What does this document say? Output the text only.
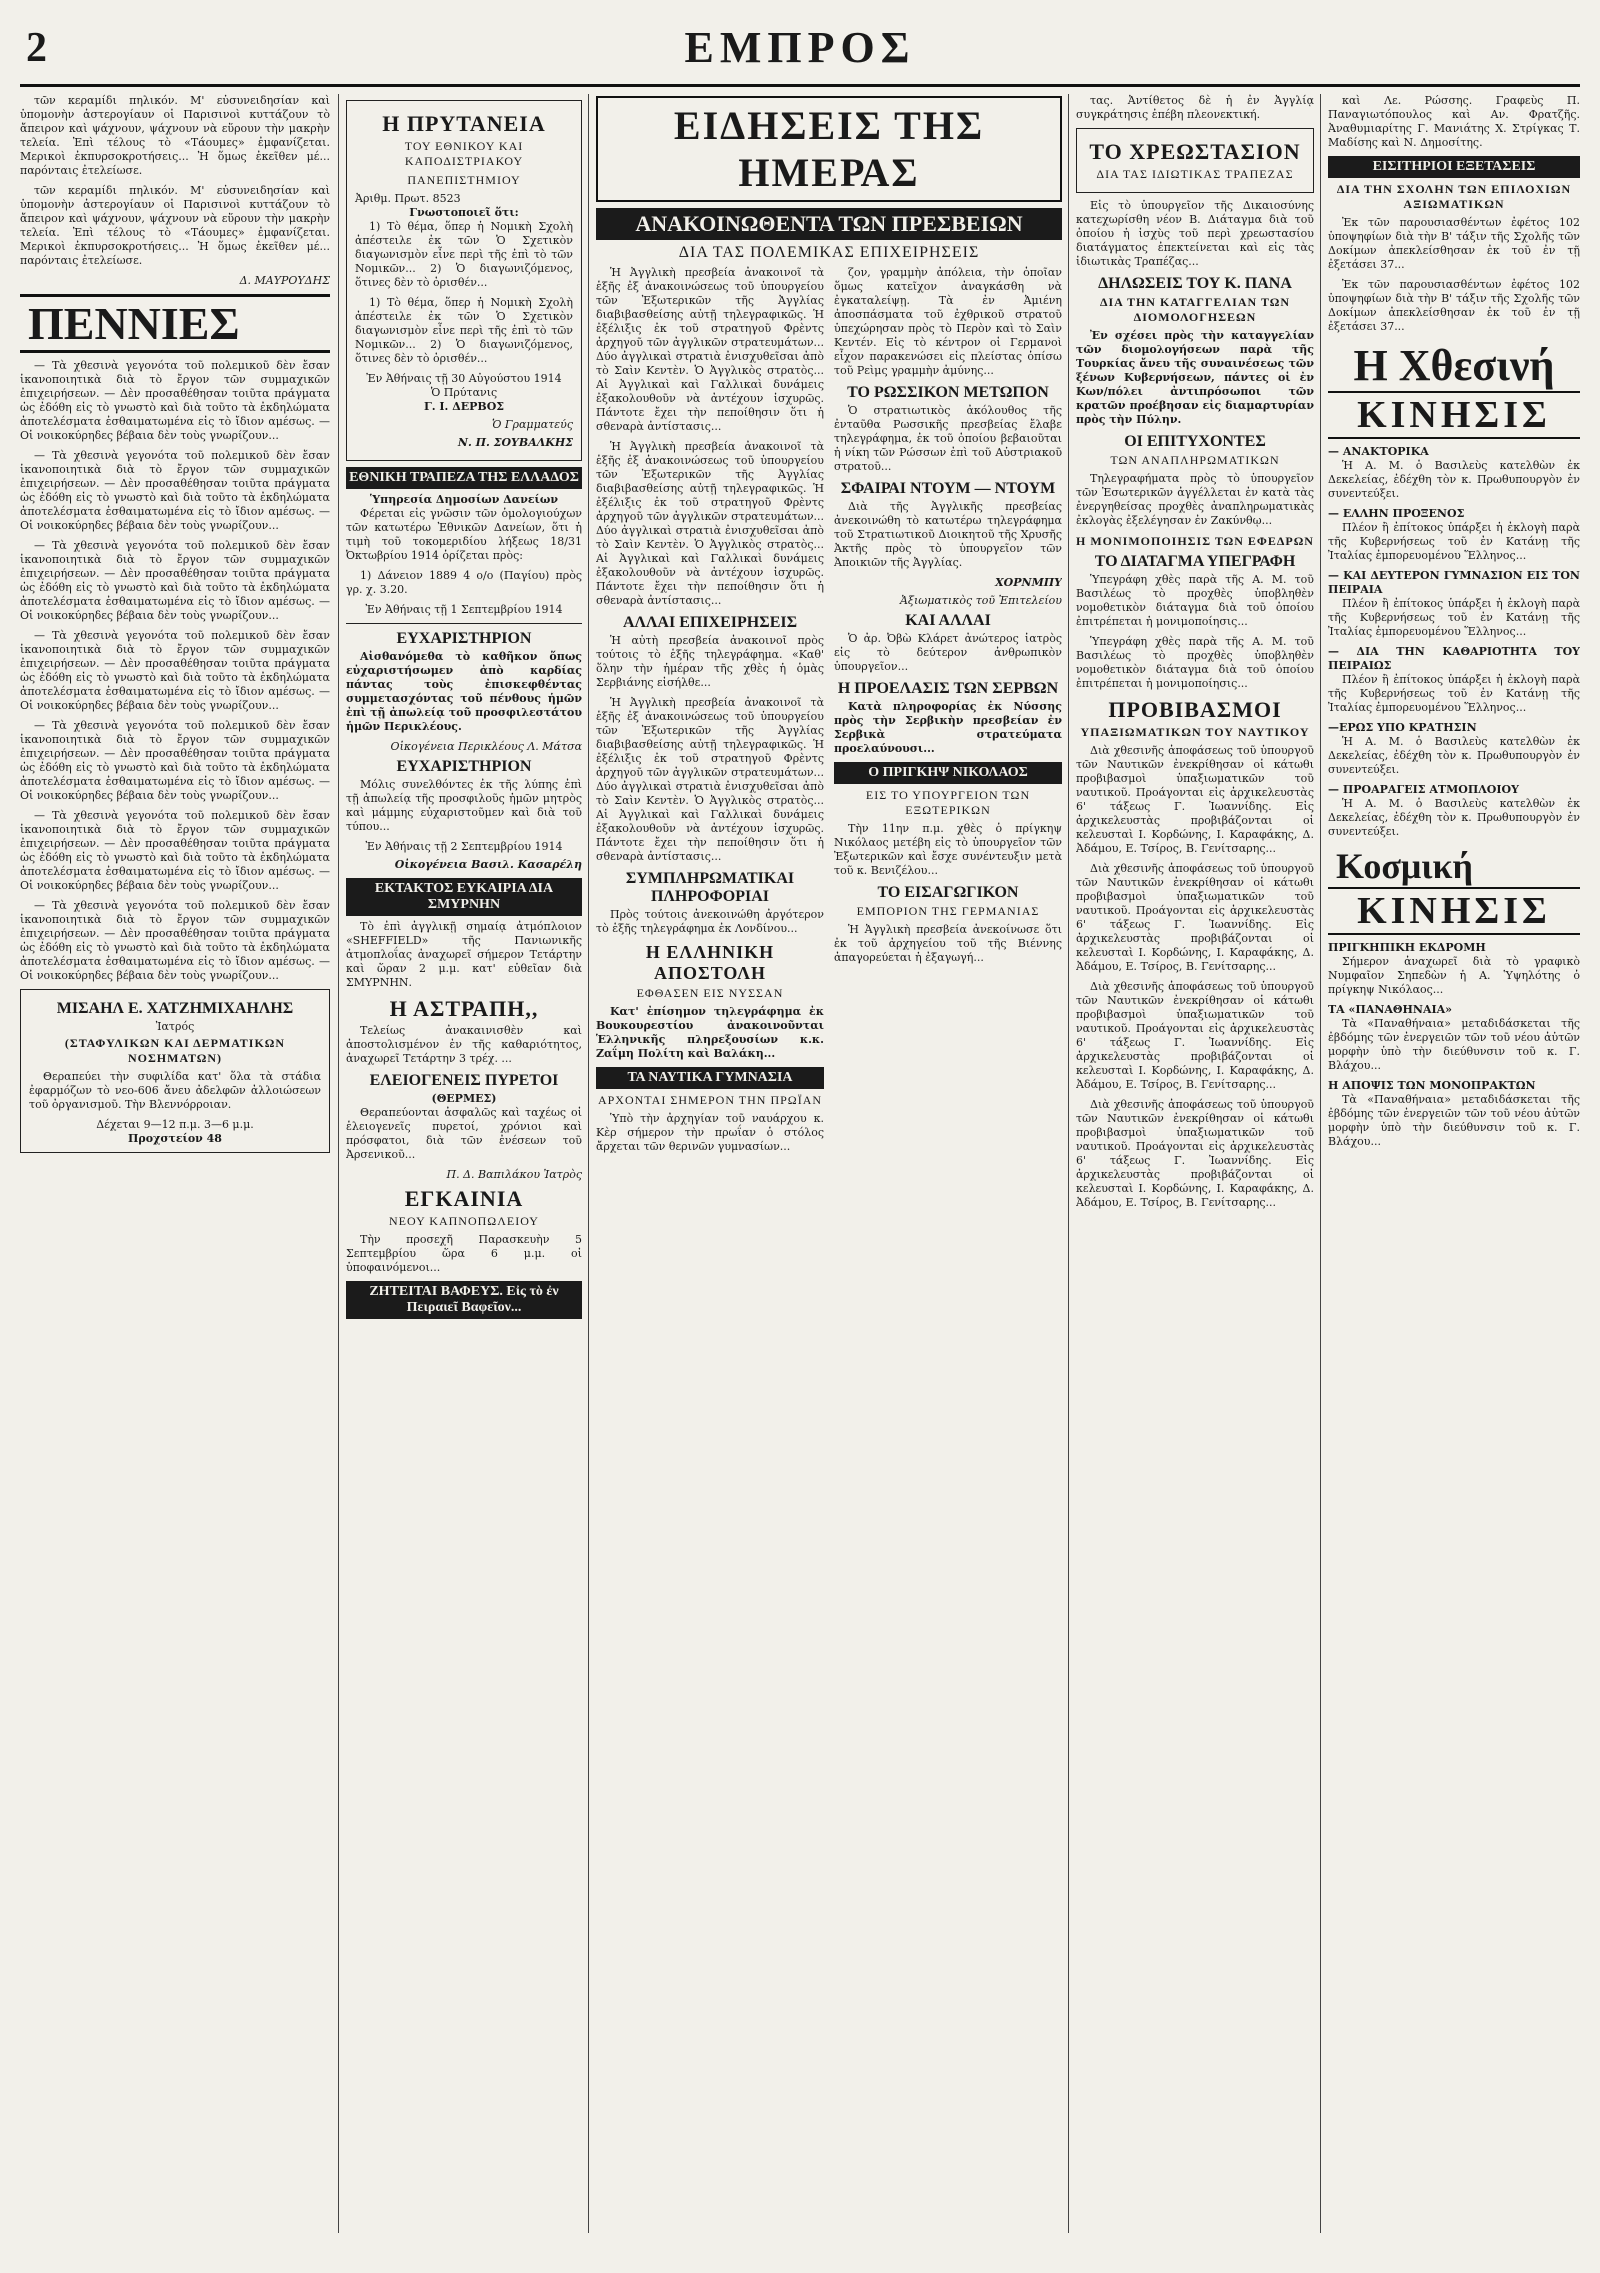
2	ΕΜΠΡΟΣ

τῶν κεραμίδι πηλικόν. Μ' εὐσυνειδησίαν καὶ ὑπομονὴν ἀστερογίαυν οἱ Παρισινοὶ κυττάζουν τὸ ἄπειρον καὶ ψάχνουν, ψάχνουν νὰ εὕρουν τὴν μακρὴν τελεία. Ἐπὶ τέλους τὸ «Τάουμες» ἐμφανίζεται. Μερικοὶ ἐκπυρσοκροτήσεις... Ἡ ὅμως ἐκεῖθεν μέ... παρόνταις ἐτελείωσε.

τῶν κεραμίδι πηλικόν. Μ' εὐσυνειδησίαν καὶ ὑπομονὴν ἀστερογίαυν οἱ Παρισινοὶ κυττάζουν τὸ ἄπειρον καὶ ψάχνουν, ψάχνουν νὰ εὕρουν τὴν μακρὴν τελεία. Ἐπὶ τέλους τὸ «Τάουμες» ἐμφανίζεται. Μερικοὶ ἐκπυρσοκροτήσεις... Ἡ ὅμως ἐκεῖθεν μέ... παρόνταις ἐτελείωσε.

Δ. ΜΑΥΡΟΥΔΗΣ
ΠΕΝΝΙΕΣ

— Τὰ χθεσινὰ γεγονότα τοῦ πολεμικοῦ δὲν ἔσαν ἱκανοποιητικὰ διὰ τὸ ἔργον τῶν συμμαχικῶν ἐπιχειρήσεων. — Δὲν προσαθέθησαν τοιῦτα πράγματα ὡς ἐδόθη εἰς τὸ γνωστὸ καὶ διὰ τοῦτο τὰ ἐκδηλώματα ἀποτελέσματα ἐσθαιματωμένα εἰς τὸ ἴδιον αμέσως. — Οἱ νοικοκύρηδες βέβαια δὲν τοὺς γνωρίζουν...

— Τὰ χθεσινὰ γεγονότα τοῦ πολεμικοῦ δὲν ἔσαν ἱκανοποιητικὰ διὰ τὸ ἔργον τῶν συμμαχικῶν ἐπιχειρήσεων. — Δὲν προσαθέθησαν τοιῦτα πράγματα ὡς ἐδόθη εἰς τὸ γνωστὸ καὶ διὰ τοῦτο τὰ ἐκδηλώματα ἀποτελέσματα ἐσθαιματωμένα εἰς τὸ ἴδιον αμέσως. — Οἱ νοικοκύρηδες βέβαια δὲν τοὺς γνωρίζουν...

— Τὰ χθεσινὰ γεγονότα τοῦ πολεμικοῦ δὲν ἔσαν ἱκανοποιητικὰ διὰ τὸ ἔργον τῶν συμμαχικῶν ἐπιχειρήσεων. — Δὲν προσαθέθησαν τοιῦτα πράγματα ὡς ἐδόθη εἰς τὸ γνωστὸ καὶ διὰ τοῦτο τὰ ἐκδηλώματα ἀποτελέσματα ἐσθαιματωμένα εἰς τὸ ἴδιον αμέσως. — Οἱ νοικοκύρηδες βέβαια δὲν τοὺς γνωρίζουν...

— Τὰ χθεσινὰ γεγονότα τοῦ πολεμικοῦ δὲν ἔσαν ἱκανοποιητικὰ διὰ τὸ ἔργον τῶν συμμαχικῶν ἐπιχειρήσεων. — Δὲν προσαθέθησαν τοιῦτα πράγματα ὡς ἐδόθη εἰς τὸ γνωστὸ καὶ διὰ τοῦτο τὰ ἐκδηλώματα ἀποτελέσματα ἐσθαιματωμένα εἰς τὸ ἴδιον αμέσως. — Οἱ νοικοκύρηδες βέβαια δὲν τοὺς γνωρίζουν...

— Τὰ χθεσινὰ γεγονότα τοῦ πολεμικοῦ δὲν ἔσαν ἱκανοποιητικὰ διὰ τὸ ἔργον τῶν συμμαχικῶν ἐπιχειρήσεων. — Δὲν προσαθέθησαν τοιῦτα πράγματα ὡς ἐδόθη εἰς τὸ γνωστὸ καὶ διὰ τοῦτο τὰ ἐκδηλώματα ἀποτελέσματα ἐσθαιματωμένα εἰς τὸ ἴδιον αμέσως. — Οἱ νοικοκύρηδες βέβαια δὲν τοὺς γνωρίζουν...

— Τὰ χθεσινὰ γεγονότα τοῦ πολεμικοῦ δὲν ἔσαν ἱκανοποιητικὰ διὰ τὸ ἔργον τῶν συμμαχικῶν ἐπιχειρήσεων. — Δὲν προσαθέθησαν τοιῦτα πράγματα ὡς ἐδόθη εἰς τὸ γνωστὸ καὶ διὰ τοῦτο τὰ ἐκδηλώματα ἀποτελέσματα ἐσθαιματωμένα εἰς τὸ ἴδιον αμέσως. — Οἱ νοικοκύρηδες βέβαια δὲν τοὺς γνωρίζουν...

— Τὰ χθεσινὰ γεγονότα τοῦ πολεμικοῦ δὲν ἔσαν ἱκανοποιητικὰ διὰ τὸ ἔργον τῶν συμμαχικῶν ἐπιχειρήσεων. — Δὲν προσαθέθησαν τοιῦτα πράγματα ὡς ἐδόθη εἰς τὸ γνωστὸ καὶ διὰ τοῦτο τὰ ἐκδηλώματα ἀποτελέσματα ἐσθαιματωμένα εἰς τὸ ἴδιον αμέσως. — Οἱ νοικοκύρηδες βέβαια δὲν τοὺς γνωρίζουν...

ΜΙΣΑΗΛ Ε. ΧΑΤΖΗΜΙΧΑΗΛΗΣ
Ἰατρός
(ΣΤΑΦΥΛΙΚΩΝ ΚΑΙ ΔΕΡΜΑΤΙΚΩΝ ΝΟΣΗΜΑΤΩΝ)

Θεραπεύει τὴν συφιλίδα κατ' ὅλα τὰ στάδια ἐφαρμόζων τὸ νεο-606 ἄνευ ἀδελφῶν ἀλλοιώσεων τοῦ ὀργανισμοῦ. Τὴν Βλεννόρροιαν.

Δέχεται 9—12 π.μ. 3—6 μ.μ.
Προχστείον 48
Η ΠΡΥΤΑΝΕΙΑ
ΤΟΥ ΕΘΝΙΚΟΥ ΚΑΙ ΚΑΠΟΔΙΣΤΡΙΑΚΟΥ
ΠΑΝΕΠΙΣΤΗΜΙΟΥ
Ἀριθμ. Πρωτ. 8523
Γνωστοποιεῖ ὅτι:

1) Τὸ θέμα, ὅπερ ἡ Νομικὴ Σχολὴ ἀπέστειλε ἐκ τῶν Ὁ Σχετικὸν διαγωνισμὸν εἶνε περὶ τῆς ἐπὶ τὸ τῶν Νομικῶν... 2) Ὁ διαγωνιζόμενος, ὅτινες δὲν τὸ ὁρισθέν...

1) Τὸ θέμα, ὅπερ ἡ Νομικὴ Σχολὴ ἀπέστειλε ἐκ τῶν Ὁ Σχετικὸν διαγωνισμὸν εἶνε περὶ τῆς ἐπὶ τὸ τῶν Νομικῶν... 2) Ὁ διαγωνιζόμενος, ὅτινες δὲν τὸ ὁρισθέν...

Ἐν Ἀθήναις τῇ 30 Αὐγούστου 1914
Ὁ Πρύτανις
Γ. Ι. ΔΕΡΒΟΣ
Ὁ Γραμματεύς
Ν. Π. ΣΟΥΒΑΛΚΗΣ
ΕΘΝΙΚΗ ΤΡΑΠΕΖΑ ΤΗΣ ΕΛΛΑΔΟΣ
Ὑπηρεσία Δημοσίων Δανείων

Φέρεται εἰς γνῶσιν τῶν ὁμολογιούχων τῶν κατωτέρω Ἐθνικῶν Δανείων, ὅτι ἡ τιμὴ τοῦ τοκομεριδίου λήξεως 18/31 Ὀκτωβρίου 1914 ὁρίζεται πρὸς:

1) Δάνειον 1889 4 ο/ο (Παγίου) πρὸς γρ. χ. 3.20.

Ἐν Ἀθήναις τῇ 1 Σεπτεμβρίου 1914
ΕΥΧΑΡΙΣΤΗΡΙΟΝ

Αἰσθανόμεθα τὸ καθῆκον ὅπως εὐχαριστήσωμεν ἀπὸ καρδίας πάντας τοὺς ἐπισκεφθέντας συμμετασχόντας τοῦ πένθους ἡμῶν ἐπὶ τῇ ἀπωλείᾳ τοῦ προσφιλεστάτου ἡμῶν Περικλέους.

Οἰκογένεια Περικλέους Λ. Μάτσα
ΕΥΧΑΡΙΣΤΗΡΙΟΝ

Μόλις συνελθόντες ἐκ τῆς λύπης ἐπὶ τῇ ἀπωλείᾳ τῆς προσφιλοῦς ἡμῶν μητρὸς καὶ μάμμης εὐχαριστοῦμεν καὶ διὰ τοῦ τύπου...

Ἐν Ἀθήναις τῇ 2 Σεπτεμβρίου 1914
Οἰκογένεια Βασιλ. Κασαρέλη
ΕΚΤΑΚΤΟΣ ΕΥΚΑΙΡΙΑ ΔΙΑ ΣΜΥΡΝΗΝ

Τὸ ἐπὶ ἀγγλικῇ σημαίᾳ ἀτμόπλοιον «SHEFFIELD» τῆς Πανιωνικῆς ἀτμοπλοΐας ἀναχωρεῖ σήμερον Τετάρτην καὶ ὥραν 2 μ.μ. κατ' εὐθεῖαν διὰ ΣΜΥΡΝΗΝ.

Η ΑΣΤΡΑΠΗ,,

Τελείως ἀνακαινισθὲν καὶ ἀποστολισμένον ἐν τῆς καθαριότητος, ἀναχωρεῖ Τετάρτην 3 τρέχ. ...

ΕΛΕΙΟΓΕΝΕΙΣ ΠΥΡΕΤΟΙ
(ΘΕΡΜΕΣ)

Θεραπεύονται ἀσφαλῶς καὶ ταχέως οἱ ἑλειογενεῖς πυρετοί, χρόνιοι καὶ πρόσφατοι, διὰ τῶν ἐνέσεων τοῦ Ἀρσενικοῦ...

Π. Δ. Βαπιλάκου Ἰατρὸς
ΕΓΚΑΙΝΙΑ
ΝΕΟΥ ΚΑΠΝΟΠΩΛΕΙΟΥ

Τὴν προσεχῆ Παρασκευὴν 5 Σεπτεμβρίου ὥρα 6 μ.μ. οἱ ὑποφαινόμενοι...

ΖΗΤΕΙΤΑΙ ΒΑΦΕΥΣ. Εἰς τὸ ἐν Πειραιεῖ Βαφεῖον...
ΕΙΔΗΣΕΙΣ ΤΗΣ ΗΜΕΡΑΣ
ΑΝΑΚΟΙΝΩΘΕΝΤΑ ΤΩΝ ΠΡΕΣΒΕΙΩΝ
ΔΙΑ ΤΑΣ ΠΟΛΕΜΙΚΑΣ ΕΠΙΧΕΙΡΗΣΕΙΣ

Ἡ Ἀγγλικὴ πρεσβεία ἀνακοινοῖ τὰ ἑξῆς ἐξ ἀνακοινώσεως τοῦ ὑπουργείου τῶν Ἐξωτερικῶν τῆς Ἀγγλίας διαβιβασθείσης αὐτῇ τηλεγραφικῶς. Ἡ ἐξέλιξις ἐκ τοῦ στρατηγοῦ Φρὲντς ἀρχηγοῦ τῶν ἀγγλικῶν στρατευμάτων... Δύο ἀγγλικαὶ στρατιὰ ἐνισχυθεῖσαι ἀπὸ τὸ Σαὶν Κεντὲν. Ὁ Ἀγγλικὸς στρατὸς... Αἱ Ἀγγλικαὶ καὶ Γαλλικαὶ δυνάμεις ἐξακολουθοῦν νὰ ἀντέχουν ἰσχυρῶς. Πάντοτε ἔχει τὴν πεποίθησιν ὅτι ἡ σθεναρὰ ἀντίστασις...

Ἡ Ἀγγλικὴ πρεσβεία ἀνακοινοῖ τὰ ἑξῆς ἐξ ἀνακοινώσεως τοῦ ὑπουργείου τῶν Ἐξωτερικῶν τῆς Ἀγγλίας διαβιβασθείσης αὐτῇ τηλεγραφικῶς. Ἡ ἐξέλιξις ἐκ τοῦ στρατηγοῦ Φρὲντς ἀρχηγοῦ τῶν ἀγγλικῶν στρατευμάτων... Δύο ἀγγλικαὶ στρατιὰ ἐνισχυθεῖσαι ἀπὸ τὸ Σαὶν Κεντὲν. Ὁ Ἀγγλικὸς στρατὸς... Αἱ Ἀγγλικαὶ καὶ Γαλλικαὶ δυνάμεις ἐξακολουθοῦν νὰ ἀντέχουν ἰσχυρῶς. Πάντοτε ἔχει τὴν πεποίθησιν ὅτι ἡ σθεναρὰ ἀντίστασις...

ΑΛΛΑΙ ΕΠΙΧΕΙΡΗΣΕΙΣ

Ἡ αὐτὴ πρεσβεία ἀνακοινοῖ πρὸς τούτοις τὸ ἑξῆς τηλεγράφημα. «Καθ' ὅλην τὴν ἡμέραν τῆς χθὲς ἡ ὁμὰς Σερβιάνης εἰσήλθε...

Ἡ Ἀγγλικὴ πρεσβεία ἀνακοινοῖ τὰ ἑξῆς ἐξ ἀνακοινώσεως τοῦ ὑπουργείου τῶν Ἐξωτερικῶν τῆς Ἀγγλίας διαβιβασθείσης αὐτῇ τηλεγραφικῶς. Ἡ ἐξέλιξις ἐκ τοῦ στρατηγοῦ Φρὲντς ἀρχηγοῦ τῶν ἀγγλικῶν στρατευμάτων... Δύο ἀγγλικαὶ στρατιὰ ἐνισχυθεῖσαι ἀπὸ τὸ Σαὶν Κεντὲν. Ὁ Ἀγγλικὸς στρατὸς... Αἱ Ἀγγλικαὶ καὶ Γαλλικαὶ δυνάμεις ἐξακολουθοῦν νὰ ἀντέχουν ἰσχυρῶς. Πάντοτε ἔχει τὴν πεποίθησιν ὅτι ἡ σθεναρὰ ἀντίστασις...

ΣΥΜΠΛΗΡΩΜΑΤΙΚΑΙ ΠΛΗΡΟΦΟΡΙΑΙ

Πρὸς τούτοις ἀνεκοινώθη ἀργότερον τὸ ἑξῆς τηλεγράφημα ἐκ Λονδίνου...

Η ΕΛΛΗΝΙΚΗ ΑΠΟΣΤΟΛΗ
ΕΦΘΑΣΕΝ ΕΙΣ ΝΥΣΣΑΝ

Κατ' ἐπίσημον τηλεγράφημα ἐκ Βουκουρεστίου ἀνακοινοῦνται Ἑλληνικῆς πληρεξουσίων κ.κ. Ζαΐμη Πολίτη καὶ Βαλάκη...

ΤΑ ΝΑΥΤΙΚΑ ΓΥΜΝΑΣΙΑ
ΑΡΧΟΝΤΑΙ ΣΗΜΕΡΟΝ ΤΗΝ ΠΡΩΪΑΝ

Ὑπὸ τὴν ἀρχηγίαν τοῦ ναυάρχου κ. Κὲρ σήμερον τὴν πρωΐαν ὁ στόλος ἄρχεται τῶν θερινῶν γυμνασίων...

ζον, γραμμὴν ἀπόλεια, τὴν ὁποῖαν ὅμως κατεῖχον ἀναγκάσθη νὰ ἐγκαταλείψῃ. Τὰ ἐν Ἀμιένη ἀποσπάσματα τοῦ ἐχθρικοῦ στρατοῦ ὑπεχώρησαν πρὸς τὸ Περὸν καὶ τὸ Σαὶν Κεντέν. Εἰς τὸ κέντρον οἱ Γερμανοὶ εἶχον παρακενώσει εἰς πλείστας ὁπίσω τοῦ Ρεὶμς γραμμὴν ἀμύνης...

ΤΟ ΡΩΣΣΙΚΟΝ ΜΕΤΩΠΟΝ

Ὁ στρατιωτικὸς ἀκόλουθος τῆς ἐνταῦθα Ρωσσικῆς πρεσβείας ἔλαβε τηλεγράφημα, ἐκ τοῦ ὁποίου βεβαιοῦται ἡ νίκη τῶν Ρώσσων ἐπὶ τοῦ Αὐστριακοῦ στρατοῦ...

ΣΦΑΙΡΑΙ ΝΤΟΥΜ — ΝΤΟΥΜ

Διὰ τῆς Ἀγγλικῆς πρεσβείας ἀνεκοινώθη τὸ κατωτέρω τηλεγράφημα τοῦ Στρατιωτικοῦ Διοικητοῦ τῆς Χρυσῆς Ἀκτῆς πρὸς τὸ ὑπουργεῖον τῶν Ἀποικιῶν τῆς Ἀγγλίας.

ΧΟΡΝΜΠΥ
Ἀξιωματικὸς τοῦ Ἐπιτελείου
ΚΑΙ ΑΛΛΑΙ

Ὁ ἀρ. Ὀβὼ Κλάρετ ἀνώτερος ἰατρὸς εἰς τὸ δεύτερον ἀνθρωπικὸν ὑπουργεῖον...

Η ΠΡΟΕΛΑΣΙΣ ΤΩΝ ΣΕΡΒΩΝ

Κατὰ πληροφορίας ἐκ Νύσσης πρὸς τὴν Σερβικὴν πρεσβείαν ἐν Σερβικὰ στρατεύματα προελαύνουσι...

Ο ΠΡΙΓΚΗΨ ΝΙΚΟΛΑΟΣ
ΕΙΣ ΤΟ ΥΠΟΥΡΓΕΙΟΝ ΤΩΝ ΕΞΩΤΕΡΙΚΩΝ

Τὴν 11ην π.μ. χθὲς ὁ πρίγκηψ Νικόλαος μετέβη εἰς τὸ ὑπουργεῖον τῶν Ἐξωτερικῶν καὶ ἔσχε συνέντευξιν μετὰ τοῦ κ. Βενιζέλου...

ΤΟ ΕΙΣΑΓΩΓΙΚΟΝ
ΕΜΠΟΡΙΟΝ ΤΗΣ ΓΕΡΜΑΝΙΑΣ

Ἡ Ἀγγλικὴ πρεσβεία ἀνεκοίνωσε ὅτι ἐκ τοῦ ἀρχηγείου τοῦ τῆς Βιέννης ἀπαγορεύεται ἡ ἐξαγωγή...

τας. Ἀντίθετος δὲ ἡ ἐν Ἀγγλίᾳ συγκράτησις ἐπέβη πλεονεκτική.

ΤΟ ΧΡΕΩΣΤΑΣΙΟΝ
ΔΙΑ ΤΑΣ ΙΔΙΩΤΙΚΑΣ ΤΡΑΠΕΖΑΣ

Εἰς τὸ ὑπουργεῖον τῆς Δικαιοσύνης κατεχωρίσθη νέον Β. Διάταγμα διὰ τοῦ ὁποίου ἡ ἰσχὺς τοῦ περὶ χρεωστασίου διατάγματος ἐπεκτείνεται καὶ εἰς τὰς ἰδιωτικὰς Τραπέζας...

ΔΗΛΩΣΕΙΣ ΤΟΥ Κ. ΠΑΝΑ
ΔΙΑ ΤΗΝ ΚΑΤΑΓΓΕΛΙΑΝ ΤΩΝ ΔΙΟΜΟΛΟΓΗΣΕΩΝ

Ἐν σχέσει πρὸς τὴν καταγγελίαν τῶν διομολογήσεων παρὰ τῆς Τουρκίας ἄνευ τῆς συναινέσεως τῶν ξένων Κυβερνήσεων, πάντες οἱ ἐν Κων/πόλει ἀντιπρόσωποι τῶν κρατῶν προέβησαν εἰς διαμαρτυρίαν πρὸς τὴν Πύλην.

ΟΙ ΕΠΙΤΥΧΟΝΤΕΣ
ΤΩΝ ΑΝΑΠΛΗΡΩΜΑΤΙΚΩΝ

Τηλεγραφήματα πρὸς τὸ ὑπουργεῖον τῶν Ἐσωτερικῶν ἀγγέλλεται ἐν κατὰ τὰς ἐνεργηθείσας προχθὲς ἀναπληρωματικὰς ἐκλογὰς ἐξελέγησαν ἐν Ζακύνθῳ...

Η ΜΟΝΙΜΟΠΟΙΗΣΙΣ ΤΩΝ ΕΦΕΔΡΩΝ
ΤΟ ΔΙΑΤΑΓΜΑ ΥΠΕΓΡΑΦΗ

Ὑπεγράφη χθὲς παρὰ τῆς Α. Μ. τοῦ Βασιλέως τὸ προχθὲς ὑποβληθὲν νομοθετικὸν διάταγμα διὰ τοῦ ὁποίου ἐπιτρέπεται ἡ μονιμοποίησις...

Ὑπεγράφη χθὲς παρὰ τῆς Α. Μ. τοῦ Βασιλέως τὸ προχθὲς ὑποβληθὲν νομοθετικὸν διάταγμα διὰ τοῦ ὁποίου ἐπιτρέπεται ἡ μονιμοποίησις...

ΠΡΟΒΙΒΑΣΜΟΙ
ΥΠΑΞΙΩΜΑΤΙΚΩΝ ΤΟΥ ΝΑΥΤΙΚΟΥ

Διὰ χθεσινῆς ἀποφάσεως τοῦ ὑπουργοῦ τῶν Ναυτικῶν ἐνεκρίθησαν οἱ κάτωθι προβιβασμοὶ ὑπαξιωματικῶν τοῦ ναυτικοῦ. Προάγονται εἰς ἀρχικελευστὰς 6' τάξεως Γ. Ἰωαννίδης. Εἰς ἀρχικελευστὰς προβιβάζονται οἱ κελευσταὶ Ι. Κορδώνης, Ι. Καραφάκης, Δ. Ἀδάμου, Ε. Τσίρος, Β. Γενίτσαρης...

Διὰ χθεσινῆς ἀποφάσεως τοῦ ὑπουργοῦ τῶν Ναυτικῶν ἐνεκρίθησαν οἱ κάτωθι προβιβασμοὶ ὑπαξιωματικῶν τοῦ ναυτικοῦ. Προάγονται εἰς ἀρχικελευστὰς 6' τάξεως Γ. Ἰωαννίδης. Εἰς ἀρχικελευστὰς προβιβάζονται οἱ κελευσταὶ Ι. Κορδώνης, Ι. Καραφάκης, Δ. Ἀδάμου, Ε. Τσίρος, Β. Γενίτσαρης...

Διὰ χθεσινῆς ἀποφάσεως τοῦ ὑπουργοῦ τῶν Ναυτικῶν ἐνεκρίθησαν οἱ κάτωθι προβιβασμοὶ ὑπαξιωματικῶν τοῦ ναυτικοῦ. Προάγονται εἰς ἀρχικελευστὰς 6' τάξεως Γ. Ἰωαννίδης. Εἰς ἀρχικελευστὰς προβιβάζονται οἱ κελευσταὶ Ι. Κορδώνης, Ι. Καραφάκης, Δ. Ἀδάμου, Ε. Τσίρος, Β. Γενίτσαρης...

Διὰ χθεσινῆς ἀποφάσεως τοῦ ὑπουργοῦ τῶν Ναυτικῶν ἐνεκρίθησαν οἱ κάτωθι προβιβασμοὶ ὑπαξιωματικῶν τοῦ ναυτικοῦ. Προάγονται εἰς ἀρχικελευστὰς 6' τάξεως Γ. Ἰωαννίδης. Εἰς ἀρχικελευστὰς προβιβάζονται οἱ κελευσταὶ Ι. Κορδώνης, Ι. Καραφάκης, Δ. Ἀδάμου, Ε. Τσίρος, Β. Γενίτσαρης...

καὶ Λε. Ρώσσης. Γραφεὺς Π. Παναγιωτόπουλος καὶ Αν. Φρατζῆς. Ἀναθυμιαρίτης Γ. Μανιάτης Χ. Στρίγκας Τ. Μαδίσης καὶ Ν. Δημοσίτης.

ΕΙΣΙΤΗΡΙΟΙ ΕΞΕΤΑΣΕΙΣ
ΔΙΑ ΤΗΝ ΣΧΟΛΗΝ ΤΩΝ ΕΠΙΛΟΧΙΩΝ ΑΞΙΩΜΑΤΙΚΩΝ

Ἐκ τῶν παρουσιασθέντων ἐφέτος 102 ὑποψηφίων διὰ τὴν Β' τάξιν τῆς Σχολῆς τῶν Δοκίμων ἀπεκλείσθησαν ἐκ τοῦ ἐν τῇ ἐξετάσει 37...

Ἐκ τῶν παρουσιασθέντων ἐφέτος 102 ὑποψηφίων διὰ τὴν Β' τάξιν τῆς Σχολῆς τῶν Δοκίμων ἀπεκλείσθησαν ἐκ τοῦ ἐν τῇ ἐξετάσει 37...

Η Χθεσινή
ΚΙΝΗΣΙΣ
— ΑΝΑΚΤΟΡΙΚΑ

Ἡ Α. Μ. ὁ Βασιλεὺς κατελθὼν ἐκ Δεκελείας, ἐδέχθη τὸν κ. Πρωθυπουργὸν ἐν συνεντεύξει.

— ΕΛΛΗΝ ΠΡΟΞΕΝΟΣ

Πλέον ἢ ἐπίτοκος ὑπάρξει ἡ ἐκλογὴ παρὰ τῆς Κυβερνήσεως τοῦ ἐν Κατάνῃ τῆς Ἰταλίας ἐμπορευομένου Ἕλληνος...

— ΚΑΙ ΔΕΥΤΕΡΟΝ ΓΥΜΝΑΣΙΟΝ ΕΙΣ ΤΟΝ ΠΕΙΡΑΙΑ

Πλέον ἢ ἐπίτοκος ὑπάρξει ἡ ἐκλογὴ παρὰ τῆς Κυβερνήσεως τοῦ ἐν Κατάνῃ τῆς Ἰταλίας ἐμπορευομένου Ἕλληνος...

— ΔΙΑ ΤΗΝ ΚΑΘΑΡΙΟΤΗΤΑ ΤΟΥ ΠΕΙΡΑΙΩΣ

Πλέον ἢ ἐπίτοκος ὑπάρξει ἡ ἐκλογὴ παρὰ τῆς Κυβερνήσεως τοῦ ἐν Κατάνῃ τῆς Ἰταλίας ἐμπορευομένου Ἕλληνος...

—ΕΡΩΣ ΥΠΟ ΚΡΑΤΗΣΙΝ

Ἡ Α. Μ. ὁ Βασιλεὺς κατελθὼν ἐκ Δεκελείας, ἐδέχθη τὸν κ. Πρωθυπουργὸν ἐν συνεντεύξει.

— ΠΡΟΑΡΑΓΕΙΣ ΑΤΜΟΠΛΟΙΟΥ

Ἡ Α. Μ. ὁ Βασιλεὺς κατελθὼν ἐκ Δεκελείας, ἐδέχθη τὸν κ. Πρωθυπουργὸν ἐν συνεντεύξει.

Κοσμική
ΚΙΝΗΣΙΣ
ΠΡΙΓΚΗΠΙΚΗ ΕΚΔΡΟΜΗ

Σήμερον ἀναχωρεῖ διὰ τὸ γραφικὸ Νυμφαῖον Σηπεδὼν ἡ Α. Ὑψηλότης ὁ πρίγκηψ Νικόλαος...

ΤΑ «ΠΑΝΑΘΗΝΑΙΑ»

Τὰ «Παναθήναια» μεταδιδάσκεται τῆς ἐβδόμης τῶν ἐνεργειῶν τῶν τοῦ νέου ἀὐτῶν μορφὴν ὑπὸ τὴν διεύθυνσιν τοῦ κ. Γ. Βλάχου...

Η ΑΠΟΨΙΣ ΤΩΝ ΜΟΝΟΠΡΑΚΤΩΝ

Τὰ «Παναθήναια» μεταδιδάσκεται τῆς ἐβδόμης τῶν ἐνεργειῶν τῶν τοῦ νέου ἀὐτῶν μορφὴν ὑπὸ τὴν διεύθυνσιν τοῦ κ. Γ. Βλάχου...
